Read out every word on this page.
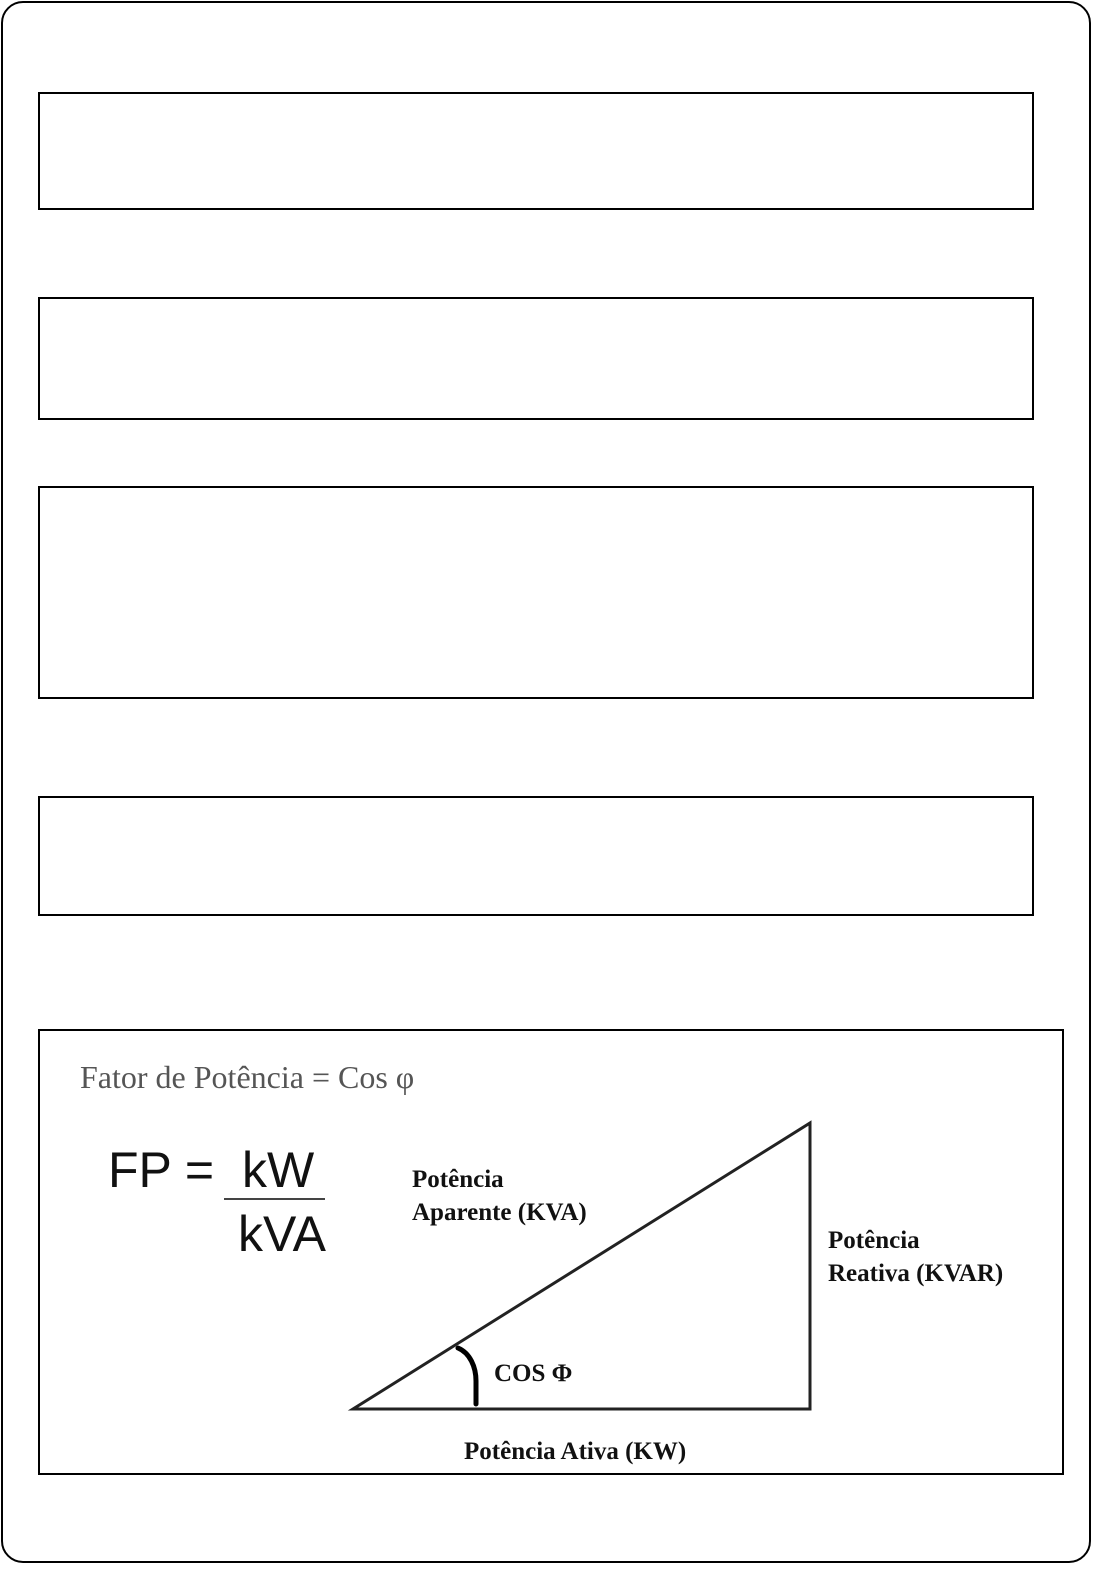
Fator de Potência = Cos φ
FP = kW
kVA
Potência
Aparente (KVA)
Potência
Reativa (KVAR)
COS Φ
Potência Ativa (KW)
